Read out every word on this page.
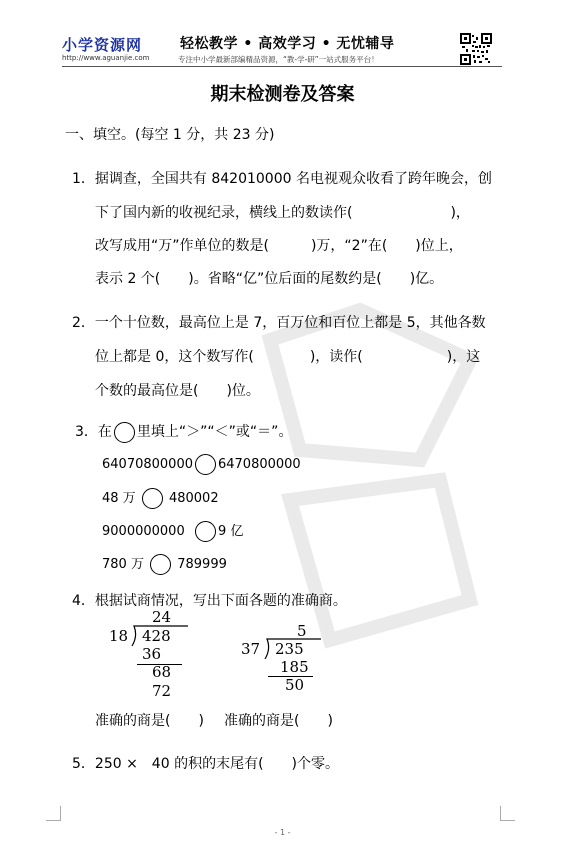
小学资源网
http://www.aguanjie.com
轻松教学 • 高效学习 • 无忧辅导
专注中小学最新部编精品资源，“教-学-研”一站式服务平台！
期末检测卷及答案
一、填空。(每空 1 分，共 23 分)
1．据调查，全国共有 842010000 名电视观众收看了跨年晚会，创
下了国内新的收视纪录，横线上的数读作(　　　　　　　)，
改写成用“万”作单位的数是(　　　)万，“2”在(　　)位上，
表示 2 个(　　)。省略“亿”位后面的尾数约是(　　)亿。
2．一个十位数，最高位上是 7，百万位和百位上都是 5，其他各数
位上都是 0，这个数写作(　　　　)，读作(　　　　　　)，这
个数的最高位是(　　)位。
3．在 里填上“＞”“＜”或“＝”。
64070800000 6470800000
48 万	480002
9000000000	9 亿
780 万	789999
4．根据试商情况，写出下面各题的准确商。
24
18 428
36
68
72
5
37 235
185
50
准确的商是(　　) 准确的商是(　　)
5．250 ×　40 的积的末尾有(　　)个零。
- 1 -
